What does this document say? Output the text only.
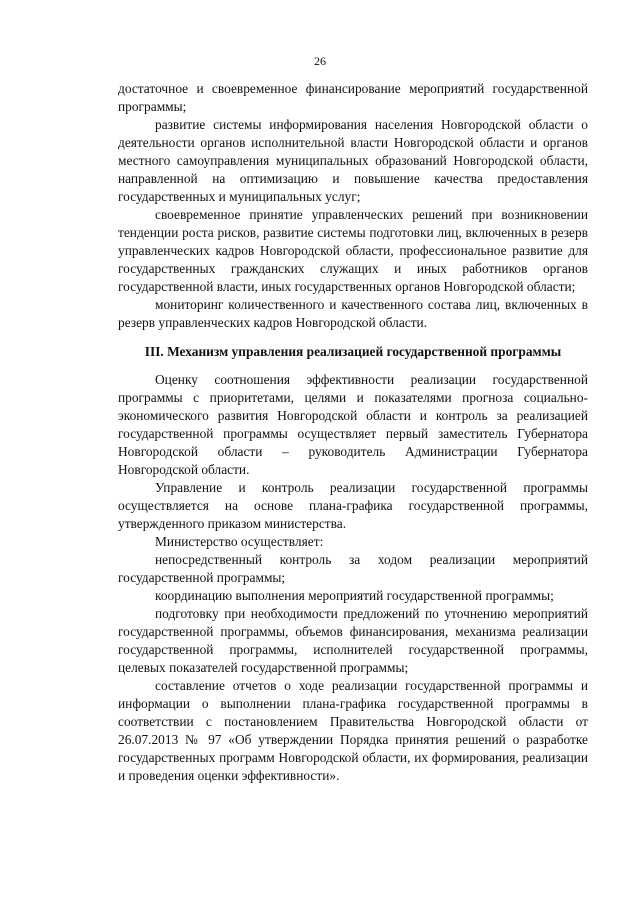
26

достаточное и своевременное финансирование мероприятий государственной программы;

развитие системы информирования населения Новгородской области о деятельности органов исполнительной власти Новгородской области и органов местного самоуправления муниципальных образований Новгородской области, направленной на оптимизацию и повышение качества предоставления государственных и муниципальных услуг;

своевременное принятие управленческих решений при возникновении тенденции роста рисков, развитие системы подготовки лиц, включенных в резерв управленческих кадров Новгородской области, профессиональное развитие для государственных гражданских служащих и иных работников органов государственной власти, иных государственных органов Новгородской области;

мониторинг количественного и качественного состава лиц, включенных в резерв управленческих кадров Новгородской области.

III. Механизм управления реализацией государственной программы

Оценку соотношения эффективности реализации государственной программы с приоритетами, целями и показателями прогноза социально-экономического развития Новгородской области и контроль за реализацией государственной программы осуществляет первый заместитель Губернатора Новгородской области – руководитель Администрации Губернатора Новгородской области.

Управление и контроль реализации государственной программы осуществляется на основе плана-графика государственной программы, утвержденного приказом министерства.

Министерство осуществляет:

непосредственный контроль за ходом реализации мероприятий государственной программы;

координацию выполнения мероприятий государственной программы;

подготовку при необходимости предложений по уточнению мероприятий государственной программы, объемов финансирования, механизма реализации государственной программы, исполнителей государственной программы, целевых показателей государственной программы;

составление отчетов о ходе реализации государственной программы и информации о выполнении плана-графика государственной программы в соответствии с постановлением Правительства Новгородской области от 26.07.2013 № 97 «Об утверждении Порядка принятия решений о разработке государственных программ Новгородской области, их формирования, реализации и проведения оценки эффективности».
